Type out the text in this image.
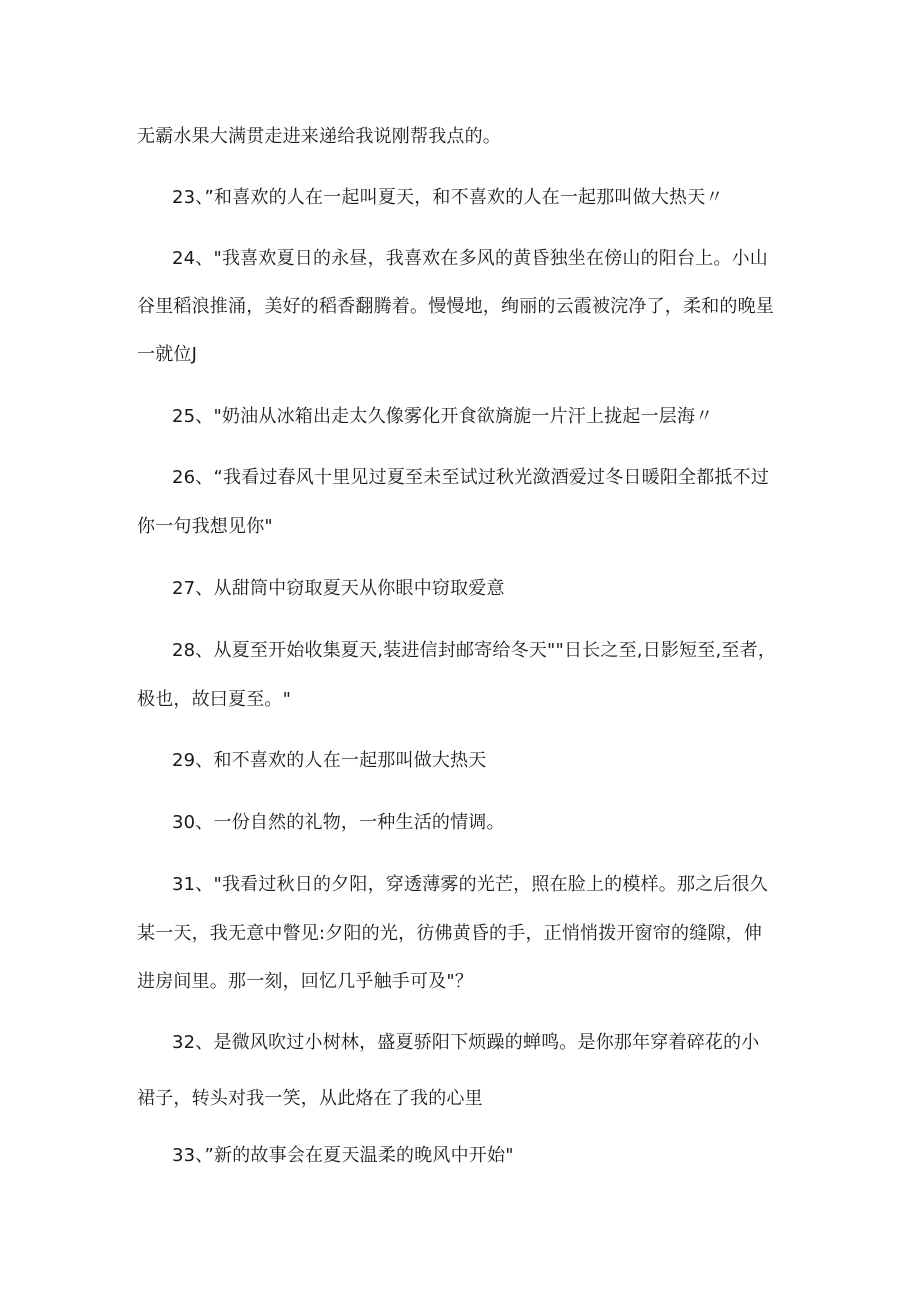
无霸水果大满贯走进来递给我说刚帮我点的。
23、”和喜欢的人在一起叫夏天，和不喜欢的人在一起那叫做大热天〃
24、"我喜欢夏日的永昼，我喜欢在多风的黄昏独坐在傍山的阳台上。小山
谷里稻浪推涌，美好的稻香翻腾着。慢慢地，绚丽的云霞被浣净了，柔和的晚星
一就位J
25、"奶油从冰箱出走太久像雾化开食欲旖旎一片汗上拢起一层海〃
26、“我看过春风十里见过夏至未至试过秋光潋酒爱过冬日暖阳全都抵不过
你一句我想见你"
27、从甜筒中窃取夏天从你眼中窃取爱意
28、从夏至开始收集夏天,装进信封邮寄给冬天""日长之至,日影短至,至者，
极也，故曰夏至。"
29、和不喜欢的人在一起那叫做大热天
30、一份自然的礼物，一种生活的情调。
31、"我看过秋日的夕阳，穿透薄雾的光芒，照在脸上的模样。那之后很久
某一天，我无意中瞥见:夕阳的光，彷佛黄昏的手，正悄悄拨开窗帘的缝隙，伸
进房间里。那一刻，回忆几乎触手可及"？
32、是微风吹过小树林，盛夏骄阳下烦躁的蝉鸣。是你那年穿着碎花的小
裙子，转头对我一笑，从此烙在了我的心里
33、”新的故事会在夏天温柔的晚风中开始"
